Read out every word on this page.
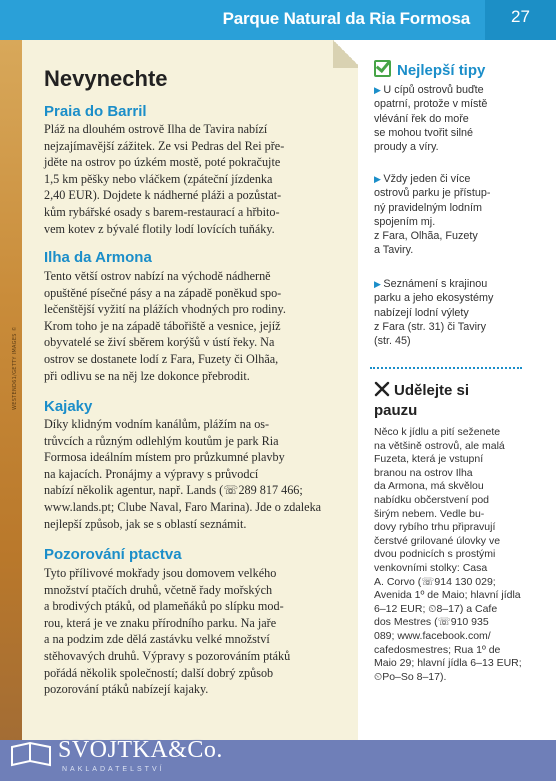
Parque Natural da Ria Formosa	27
WESTEND61/GETTY IMAGES ©
Nevynechte
Praia do Barril
Pláž na dlouhém ostrově Ilha de Tavira nabízí
nejzajímavější zážitek. Ze vsi Pedras del Rei pře-
jděte na ostrov po úzkém mostě, poté pokračujte
1,5 km pěšky nebo vláčkem (zpáteční jízdenka
2,40 EUR). Dojdete k nádherné pláži a pozůstat-
kům rybářské osady s barem-restaurací a hřbito-
vem kotev z bývalé flotily lodí lovících tuňáky.
Ilha da Armona
Tento větší ostrov nabízí na východě nádherně
opuštěné písečné pásy a na západě poněkud spo-
lečenštější vyžití na plážích vhodných pro rodiny.
Krom toho je na západě tábořiště a vesnice, jejíž
obyvatelé se živí sběrem korýšů v ústí řeky. Na
ostrov se dostanete lodí z Fara, Fuzety či Olhãa,
při odlivu se na něj lze dokonce přebrodit.
Kajaky
Díky klidným vodním kanálům, plážím na os-
trůvcích a různým odlehlým koutům je park Ria
Formosa ideálním místem pro průzkumné plavby
na kajacích. Pronájmy a výpravy s průvodcí
nabízí několik agentur, např. Lands (☏289 817 466;
www.lands.pt; Clube Naval, Faro Marina). Jde o zdaleka
nejlepší způsob, jak se s oblastí seznámit.
Pozorování ptactva
Tyto přílivové mokřady jsou domovem velkého
množství ptačích druhů, včetně řady mořských
a brodivých ptáků, od plameňáků po slípku mod-
rou, která je ve znaku přírodního parku. Na jaře
a na podzim zde dělá zastávku velké množství
stěhovavých druhů. Výpravy s pozorováním ptáků
pořádá několik společností; další dobrý způsob
pozorování ptáků nabízejí kajaky.
Nejlepší tipy
▶ U cípů ostrovů buďte
opatrní, protože v místě
vlévání řek do moře
se mohou tvořit silné
proudy a víry.
▶ Vždy jeden či více
ostrovů parku je přístup-
ný pravidelným lodním
spojením mj.
z Fara, Olhãa, Fuzety
a Taviry.
▶ Seznámení s krajinou
parku a jeho ekosystémy
nabízejí lodní výlety
z Fara (str. 31) či Taviry
(str. 45)
Udělejte si
pauzu
Něco k jídlu a pití seženete
na většině ostrovů, ale malá
Fuzeta, která je vstupní
branou na ostrov Ilha
da Armona, má skvělou
nabídku občerstvení pod
širým nebem. Vedle bu-
dovy rybího trhu připravují
čerstvé grilované úlovky ve
dvou podnicích s prostými
venkovními stolky: Casa
A. Corvo (☏914 130 029;
Avenida 1º de Maio; hlavní jídla
6–12 EUR; ⏲8–17) a Cafe
dos Mestres (☏910 935
089; www.facebook.com/
cafedosmestres; Rua 1º de
Maio 29; hlavní jídla 6–13 EUR;
⏲Po–So 8–17).
SVOJTKA&Co.
NAKLADATELSTVÍ
